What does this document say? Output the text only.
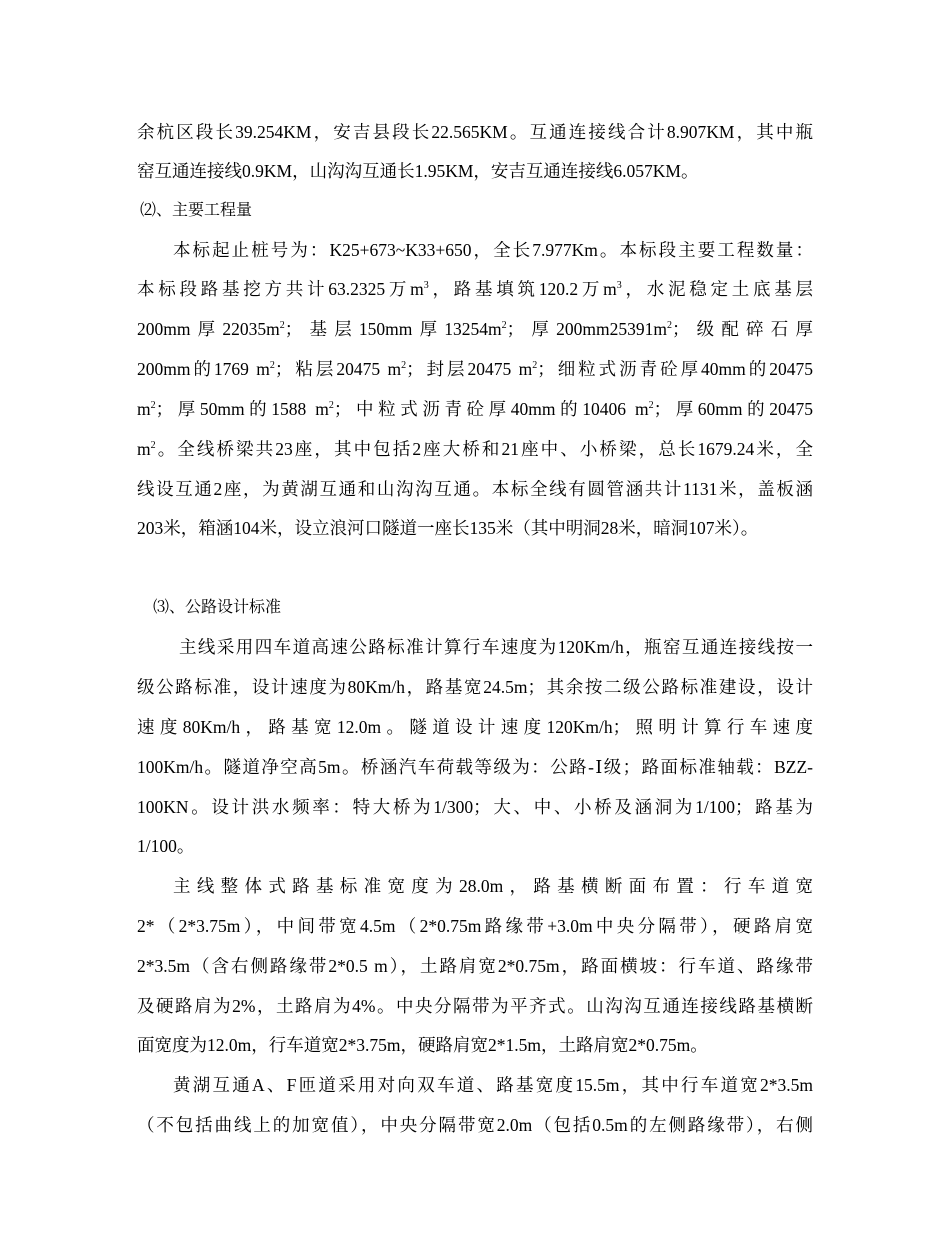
余杭区段长39.254KM，安吉县段长22.565KM。互通连接线合计8.907KM，其中瓶
窑互通连接线0.9KM，山沟沟互通长1.95KM，安吉互通连接线6.057KM。
⑵、主要工程量
本标起止桩号为：K25+673~K33+650，全长7.977Km。本标段主要工程数量：
本标段路基挖方共计63.2325万$m^3$，路基填筑120.2万$m^3$，水泥稳定土底基层
200mm厚$22035m^2$；基层150mm厚$13254m^2$；厚$200mm25391m^2$；级配碎石厚
200mm的1769 $m^2$；粘层20475 $m^2$；封层20475 $m^2$；细粒式沥青砼厚40mm的20475
$m^2$；厚50mm的1588 $m^2$；中粒式沥青砼厚40mm的10406 $m^2$；厚60mm的20475
$m^2$。全线桥梁共23座，其中包括2座大桥和21座中、小桥梁，总长1679.24米，全
线设互通2座，为黄湖互通和山沟沟互通。本标全线有圆管涵共计1131米，盖板涵
203米，箱涵104米，设立浪河口隧道一座长135米（其中明洞28米，暗洞107米）。
⑶、公路设计标准
主线采用四车道高速公路标准计算行车速度为120Km/h，瓶窑互通连接线按一
级公路标准，设计速度为80Km/h，路基宽24.5m；其余按二级公路标准建设，设计
速度80Km/h，路基宽12.0m。隧道设计速度120Km/h；照明计算行车速度
100Km/h。隧道净空高5m。桥涵汽车荷载等级为：公路-Ⅰ级；路面标准轴载：BZZ-
100KN。设计洪水频率：特大桥为1/300；大、中、小桥及涵洞为1/100；路基为
1/100。
主线整体式路基标准宽度为28.0m，路基横断面布置：行车道宽
2*（2*3.75m），中间带宽4.5m（2*0.75m路缘带+3.0m中央分隔带），硬路肩宽
2*3.5m（含右侧路缘带2*0.5 m），土路肩宽2*0.75m，路面横坡：行车道、路缘带
及硬路肩为2%，土路肩为4%。中央分隔带为平齐式。山沟沟互通连接线路基横断
面宽度为12.0m，行车道宽2*3.75m，硬路肩宽2*1.5m，土路肩宽2*0.75m。
黄湖互通A、F匝道采用对向双车道、路基宽度15.5m，其中行车道宽2*3.5m
（不包括曲线上的加宽值），中央分隔带宽2.0m（包括0.5m的左侧路缘带），右侧
